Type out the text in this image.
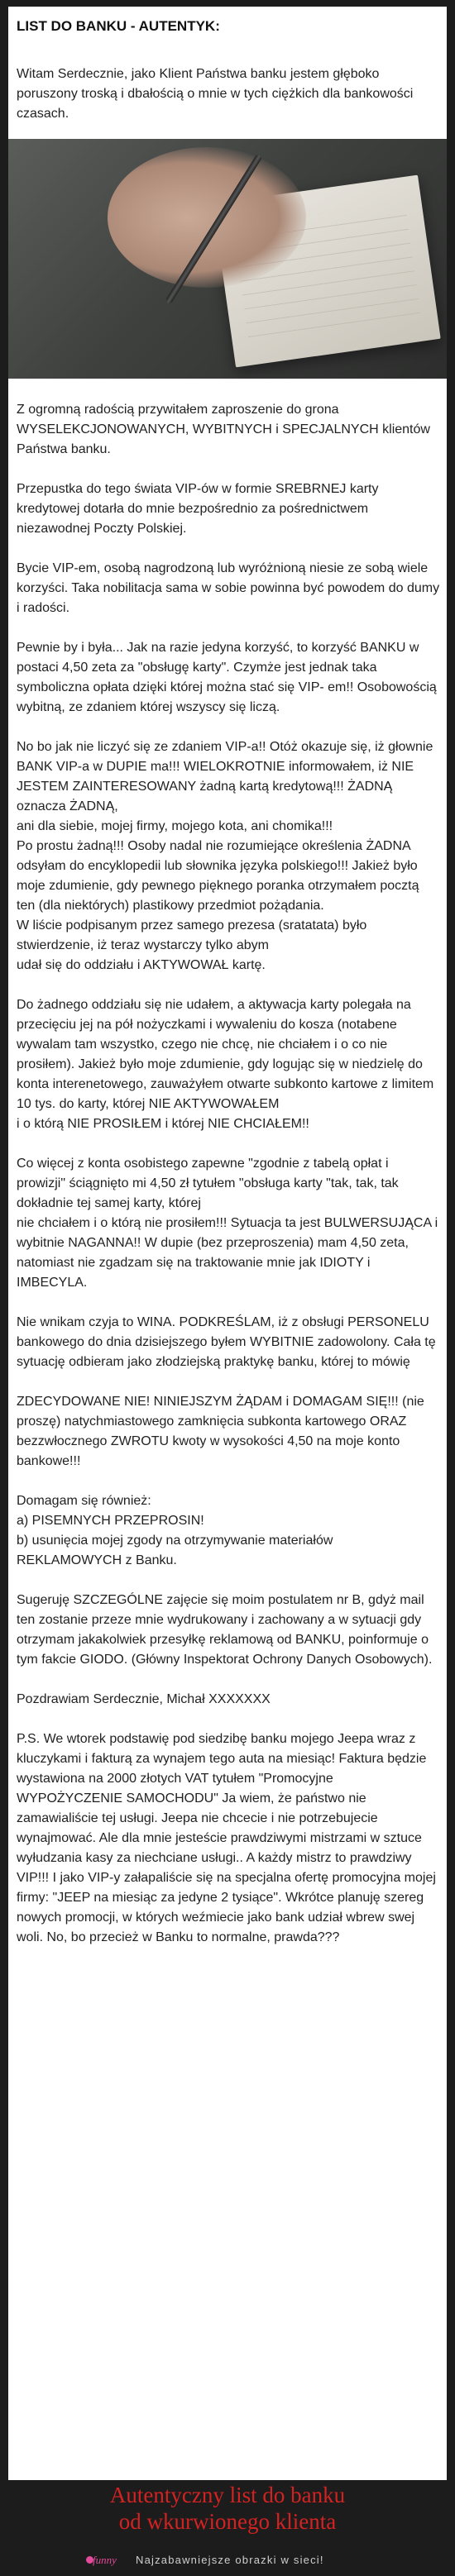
LIST DO BANKU - AUTENTYK:

Witam Serdecznie, jako Klient Państwa banku jestem głęboko poruszony troską i dbałością o mnie w tych ciężkich dla bankowości czasach.

Z ogromną radością przywitałem zaproszenie do grona WYSELEKCJONOWANYCH, WYBITNYCH i SPECJALNYCH klientów Państwa banku.

Przepustka do tego świata VIP-ów w formie SREBRNEJ karty kredytowej dotarła do mnie bezpośrednio za pośrednictwem niezawodnej Poczty Polskiej.

Bycie VIP-em, osobą nagrodzoną lub wyróżnioną niesie ze sobą wiele korzyści. Taka nobilitacja sama w sobie powinna być powodem do dumy i radości.

Pewnie by i była... Jak na razie jedyna korzyść, to korzyść BANKU w postaci 4,50 zeta za "obsługę karty". Czymże jest jednak taka symboliczna opłata dzięki której można stać się VIP- em!! Osobowością wybitną, ze zdaniem której wszyscy się liczą.

No bo jak nie liczyć się ze zdaniem VIP-a!! Otóż okazuje się, iż głownie BANK VIP-a w DUPIE ma!!! WIELOKROTNIE informowałem, iż NIE JESTEM ZAINTERESOWANY żadną kartą kredytową!!! ŻADNĄ oznacza ŻADNĄ,
ani dla siebie, mojej firmy, mojego kota, ani chomika!!!
Po prostu żadną!!! Osoby nadal nie rozumiejące określenia ŻADNA odsyłam do encyklopedii lub słownika języka polskiego!!! Jakież było moje zdumienie, gdy pewnego pięknego poranka otrzymałem pocztą ten (dla niektórych) plastikowy przedmiot pożądania.
W liście podpisanym przez samego prezesa (sratatata) było stwierdzenie, iż teraz wystarczy tylko abym
udał się do oddziału i AKTYWOWAŁ kartę.

Do żadnego oddziału się nie udałem, a aktywacja karty polegała na przecięciu jej na pół nożyczkami i wywaleniu do kosza (notabene wywalam tam wszystko, czego nie chcę, nie chciałem i o co nie prosiłem). Jakież było moje zdumienie, gdy logując się w niedzielę do konta interenetowego, zauważyłem otwarte subkonto kartowe z limitem 10 tys. do karty, której NIE AKTYWOWAŁEM
i o którą NIE PROSIŁEM i której NIE CHCIAŁEM!!

Co więcej z konta osobistego zapewne "zgodnie z tabelą opłat i prowizji" ściągnięto mi 4,50 zł tytułem "obsługa karty "tak, tak, tak dokładnie tej samej karty, której
nie chciałem i o którą nie prosiłem!!! Sytuacja ta jest BULWERSUJĄCA i wybitnie NAGANNA!! W dupie (bez przeproszenia) mam 4,50 zeta, natomiast nie zgadzam się na traktowanie mnie jak IDIOTY i IMBECYLA.

Nie wnikam czyja to WINA. PODKREŚLAM, iż z obsługi PERSONELU bankowego do dnia dzisiejszego byłem WYBITNIE zadowolony. Cała tę sytuację odbieram jako złodziejską praktykę banku, której to mówię

ZDECYDOWANE NIE! NINIEJSZYM ŻĄDAM i DOMAGAM SIĘ!!! (nie proszę) natychmiastowego zamknięcia subkonta kartowego ORAZ bezzwłocznego ZWROTU kwoty w wysokości 4,50 na moje konto bankowe!!!

Domagam się również:
a) PISEMNYCH PRZEPROSIN!
b) usunięcia mojej zgody na otrzymywanie materiałów REKLAMOWYCH z Banku.

Sugeruję SZCZEGÓLNE zajęcie się moim postulatem nr B, gdyż mail ten zostanie przeze mnie wydrukowany i zachowany a w sytuacji gdy otrzymam jakakolwiek przesyłkę reklamową od BANKU, poinformuje o tym fakcie GIODO. (Główny Inspektorat Ochrony Danych Osobowych).

Pozdrawiam Serdecznie, Michał XXXXXXX

P.S. We wtorek podstawię pod siedzibę banku mojego Jeepa wraz z kluczykami i fakturą za wynajem tego auta na miesiąc! Faktura będzie wystawiona na 2000 złotych VAT tytułem "Promocyjne WYPOŻYCZENIE SAMOCHODU" Ja wiem, że państwo nie zamawialiście tej usługi. Jeepa nie chcecie i nie potrzebujecie wynajmować. Ale dla mnie jesteście prawdziwymi mistrzami w sztuce wyłudzania kasy za niechciane usługi.. A każdy mistrz to prawdziwy VIP!!! I jako VIP-y załapaliście się na specjalna ofertę promocyjna mojej firmy: "JEEP na miesiąc za jedyne 2 tysiące". Wkrótce planuję szereg nowych promocji, w których weźmiecie jako bank udział wbrew swej woli. No, bo przecież w Banku to normalne, prawda???

Autentyczny list do banku
od wkurwionego klienta

funny	Najzabawniejsze obrazki w sieci!
